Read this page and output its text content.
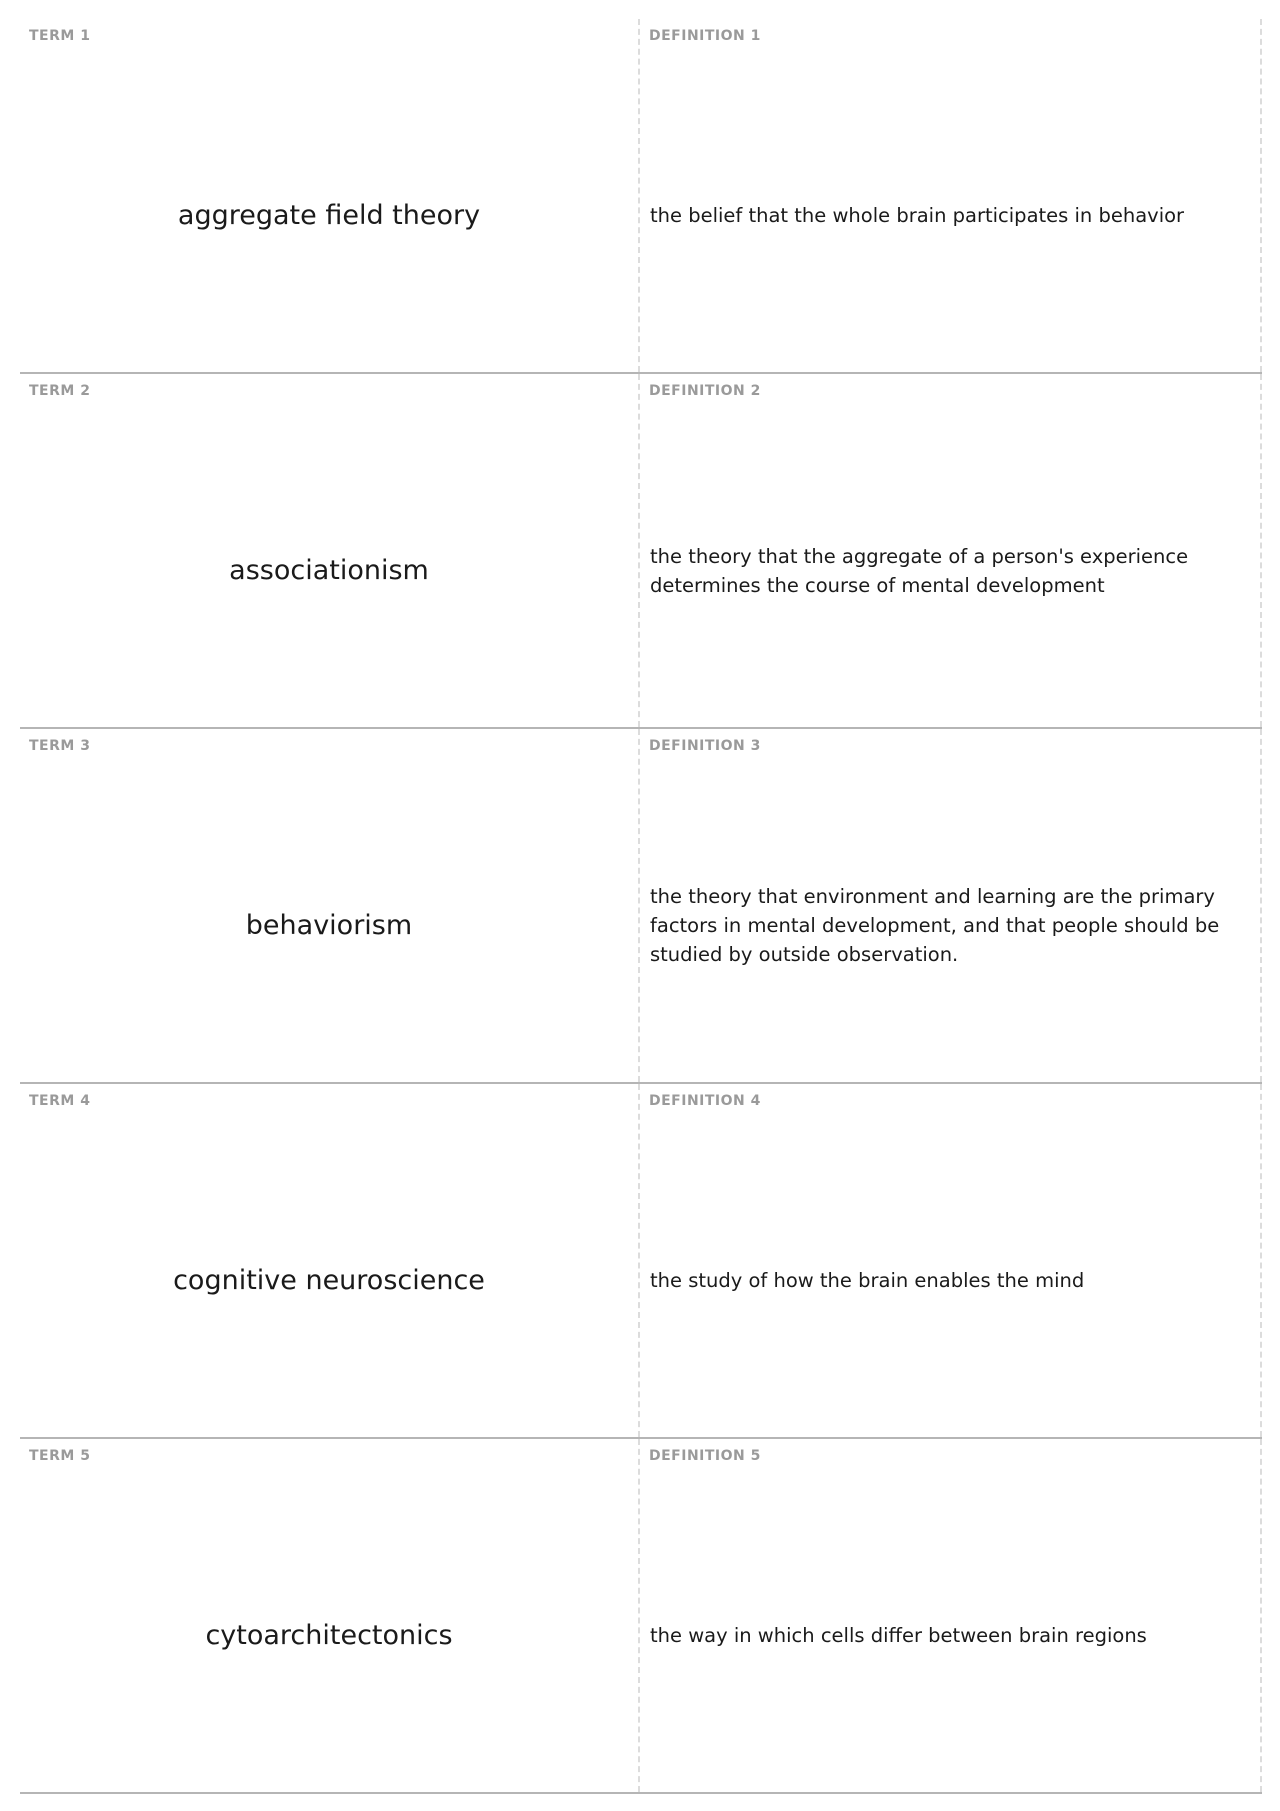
TERM 1
aggregate field theory
DEFINITION 1
the belief that the whole brain participates in behavior
TERM 2
associationism
DEFINITION 2
the theory that the aggregate of a person's experience determines the course of mental development
TERM 3
behaviorism
DEFINITION 3
the theory that environment and learning are the primary factors in mental development, and that people should be studied by outside observation.
TERM 4
cognitive neuroscience
DEFINITION 4
the study of how the brain enables the mind
TERM 5
cytoarchitectonics
DEFINITION 5
the way in which cells differ between brain regions
